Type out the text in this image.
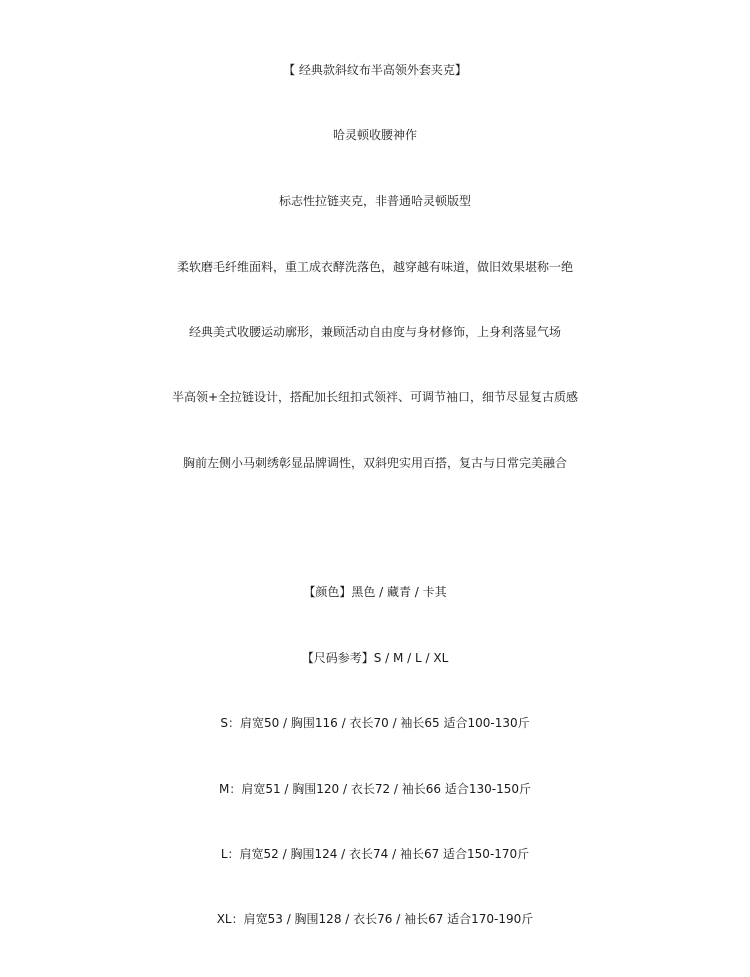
【 经典款斜纹布半高领外套夹克】
哈灵顿收腰神作
标志性拉链夹克，非普通哈灵顿版型
柔软磨毛纤维面料，重工成衣酵洗落色，越穿越有味道，做旧效果堪称一绝
经典美式收腰运动廓形，兼顾活动自由度与身材修饰，上身利落显气场
半高领+全拉链设计，搭配加长纽扣式领袢、可调节袖口，细节尽显复古质感
胸前左侧小马刺绣彰显品牌调性，双斜兜实用百搭，复古与日常完美融合
【颜色】黑色 / 藏青 / 卡其
【尺码参考】S / M / L / XL
S：肩宽50 / 胸围116 / 衣长70 / 袖长65 适合100-130斤
M：肩宽51 / 胸围120 / 衣长72 / 袖长66 适合130-150斤
L：肩宽52 / 胸围124 / 衣长74 / 袖长67 适合150-170斤
XL：肩宽53 / 胸围128 / 衣长76 / 袖长67 适合170-190斤
